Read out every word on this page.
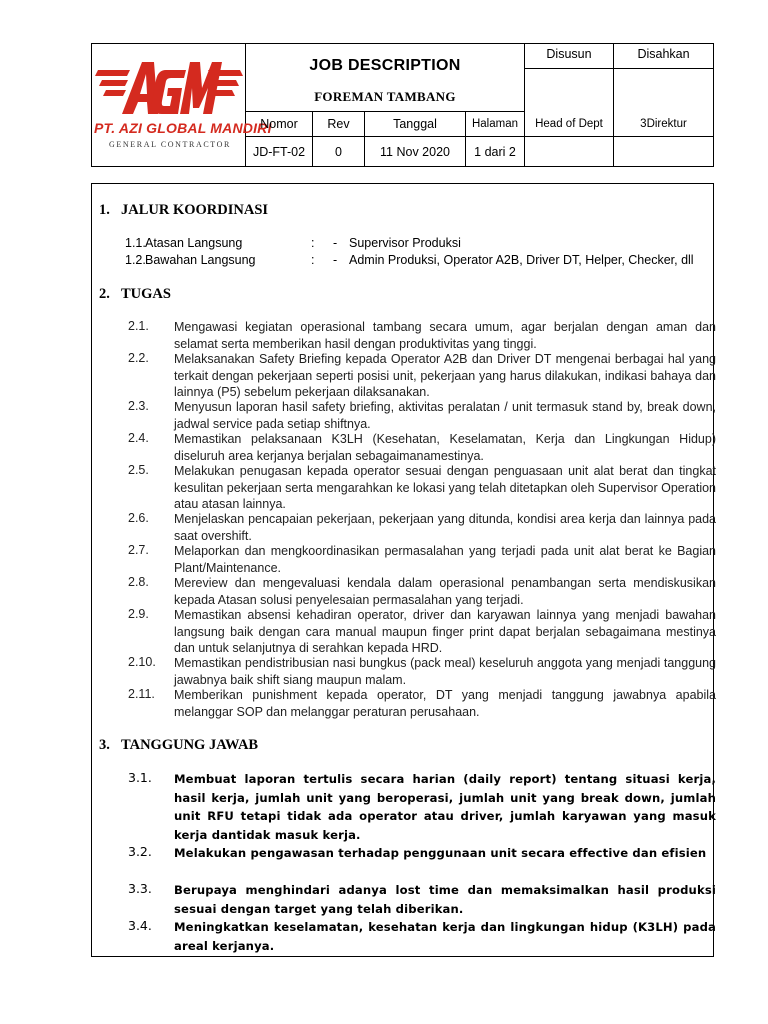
PT. AZI GLOBAL MANDIRI
GENERAL CONTRACTOR
JOB DESCRIPTION
FOREMAN TAMBANG
Disusun	Disahkan
Nomor	Rev	Tanggal	Halaman	Head of Dept	3Direktur
JD-FT-02	0	11 Nov 2020	1 dari 2
1. JALUR KOORDINASI
1.1. Atasan Langsung	: - Supervisor Produksi
1.2. Bawahan Langsung	: - Admin Produksi, Operator A2B, Driver DT, Helper, Checker, dll
2. TUGAS
2.1. Mengawasi kegiatan operasional tambang secara umum, agar berjalan dengan aman dan selamat serta memberikan hasil dengan produktivitas yang tinggi.
2.2. Melaksanakan Safety Briefing kepada Operator A2B dan Driver DT mengenai berbagai hal yang terkait dengan pekerjaan seperti posisi unit, pekerjaan yang harus dilakukan, indikasi bahaya dan lainnya (P5) sebelum pekerjaan dilaksanakan.
2.3. Menyusun laporan hasil safety briefing, aktivitas peralatan / unit termasuk stand by, break down, jadwal service pada setiap shiftnya.
2.4. Memastikan pelaksanaan K3LH (Kesehatan, Keselamatan, Kerja dan Lingkungan Hidup) diseluruh area kerjanya berjalan sebagaimanamestinya.
2.5. Melakukan penugasan kepada operator sesuai dengan penguasaan unit alat berat dan tingkat kesulitan pekerjaan serta mengarahkan ke lokasi yang telah ditetapkan oleh Supervisor Operation atau atasan lainnya.
2.6. Menjelaskan pencapaian pekerjaan, pekerjaan yang ditunda, kondisi area kerja dan lainnya pada saat overshift.
2.7. Melaporkan dan mengkoordinasikan permasalahan yang terjadi pada unit alat berat ke Bagian Plant/Maintenance.
2.8. Mereview dan mengevaluasi kendala dalam operasional penambangan serta mendiskusikan kepada Atasan solusi penyelesaian permasalahan yang terjadi.
2.9. Memastikan absensi kehadiran operator, driver dan karyawan lainnya yang menjadi bawahan langsung baik dengan cara manual maupun finger print dapat berjalan sebagaimana mestinya dan untuk selanjutnya di serahkan kepada HRD.
2.10. Memastikan pendistribusian nasi bungkus (pack meal) keseluruh anggota yang menjadi tanggung jawabnya baik shift siang maupun malam.
2.11. Memberikan punishment kepada operator, DT yang menjadi tanggung jawabnya apabila melanggar SOP dan melanggar peraturan perusahaan.
3. TANGGUNG JAWAB
3.1. Membuat laporan tertulis secara harian (daily report) tentang situasi kerja, hasil kerja, jumlah unit yang beroperasi, jumlah unit yang break down, jumlah unit RFU tetapi tidak ada operator atau driver, jumlah karyawan yang masuk kerja dantidak masuk kerja.
3.2. Melakukan pengawasan terhadap penggunaan unit secara effective dan efisien
3.3. Berupaya menghindari adanya lost time dan memaksimalkan hasil produksi sesuai dengan target yang telah diberikan.
3.4. Meningkatkan keselamatan, kesehatan kerja dan lingkungan hidup (K3LH) pada areal kerjanya.
